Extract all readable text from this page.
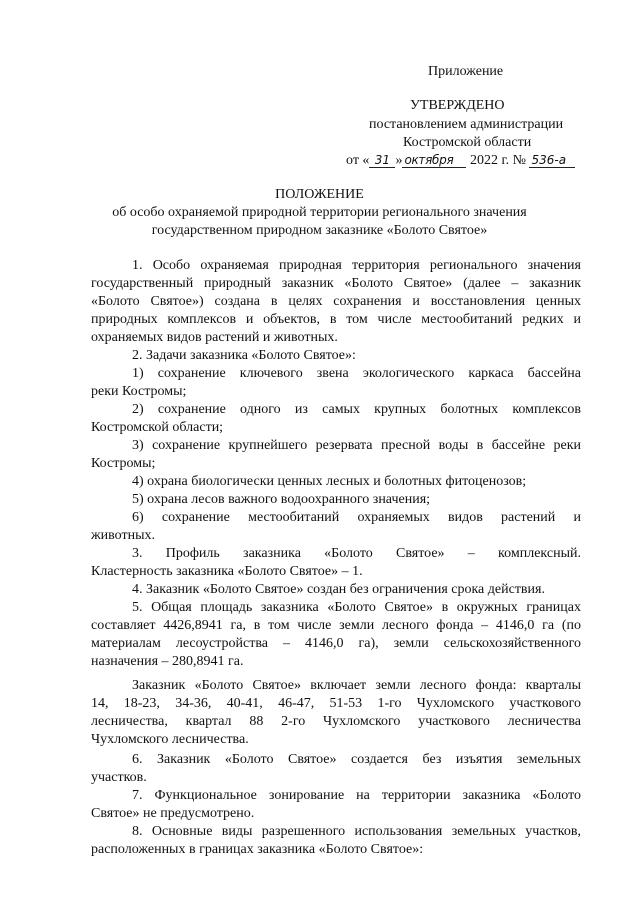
Приложение
УТВЕРЖДЕНО
постановлением администрации
Костромской области
от « 31 » октября 2022 г. № 536-а
ПОЛОЖЕНИЕ
об особо охраняемой природной территории регионального значения
государственном природном заказнике «Болото Святое»
1. Особо охраняемая природная территория регионального значения
государственный природный заказник «Болото Святое» (далее – заказник
«Болото Святое») создана в целях сохранения и восстановления ценных
природных комплексов и объектов, в том числе местообитаний редких и
охраняемых видов растений и животных.
2. Задачи заказника «Болото Святое»:
1) сохранение ключевого звена экологического каркаса бассейна
реки Костромы;
2) сохранение одного из самых крупных болотных комплексов
Костромской области;
3) сохранение крупнейшего резервата пресной воды в бассейне реки
Костромы;
4) охрана биологически ценных лесных и болотных фитоценозов;
5) охрана лесов важного водоохранного значения;
6) сохранение местообитаний охраняемых видов растений и
животных.
3. Профиль заказника «Болото Святое» – комплексный.
Кластерность заказника «Болото Святое» – 1.
4. Заказник «Болото Святое» создан без ограничения срока действия.
5. Общая площадь заказника «Болото Святое» в окружных границах
составляет 4426,8941 га, в том числе земли лесного фонда – 4146,0 га (по
материалам лесоустройства – 4146,0 га), земли сельскохозяйственного
назначения – 280,8941 га.
Заказник «Болото Святое» включает земли лесного фонда: кварталы
14, 18-23, 34-36, 40-41, 46-47, 51-53 1-го Чухломского участкового
лесничества, квартал 88 2-го Чухломского участкового лесничества
Чухломского лесничества.
6. Заказник «Болото Святое» создается без изъятия земельных
участков.
7. Функциональное зонирование на территории заказника «Болото
Святое» не предусмотрено.
8. Основные виды разрешенного использования земельных участков,
расположенных в границах заказника «Болото Святое»:
